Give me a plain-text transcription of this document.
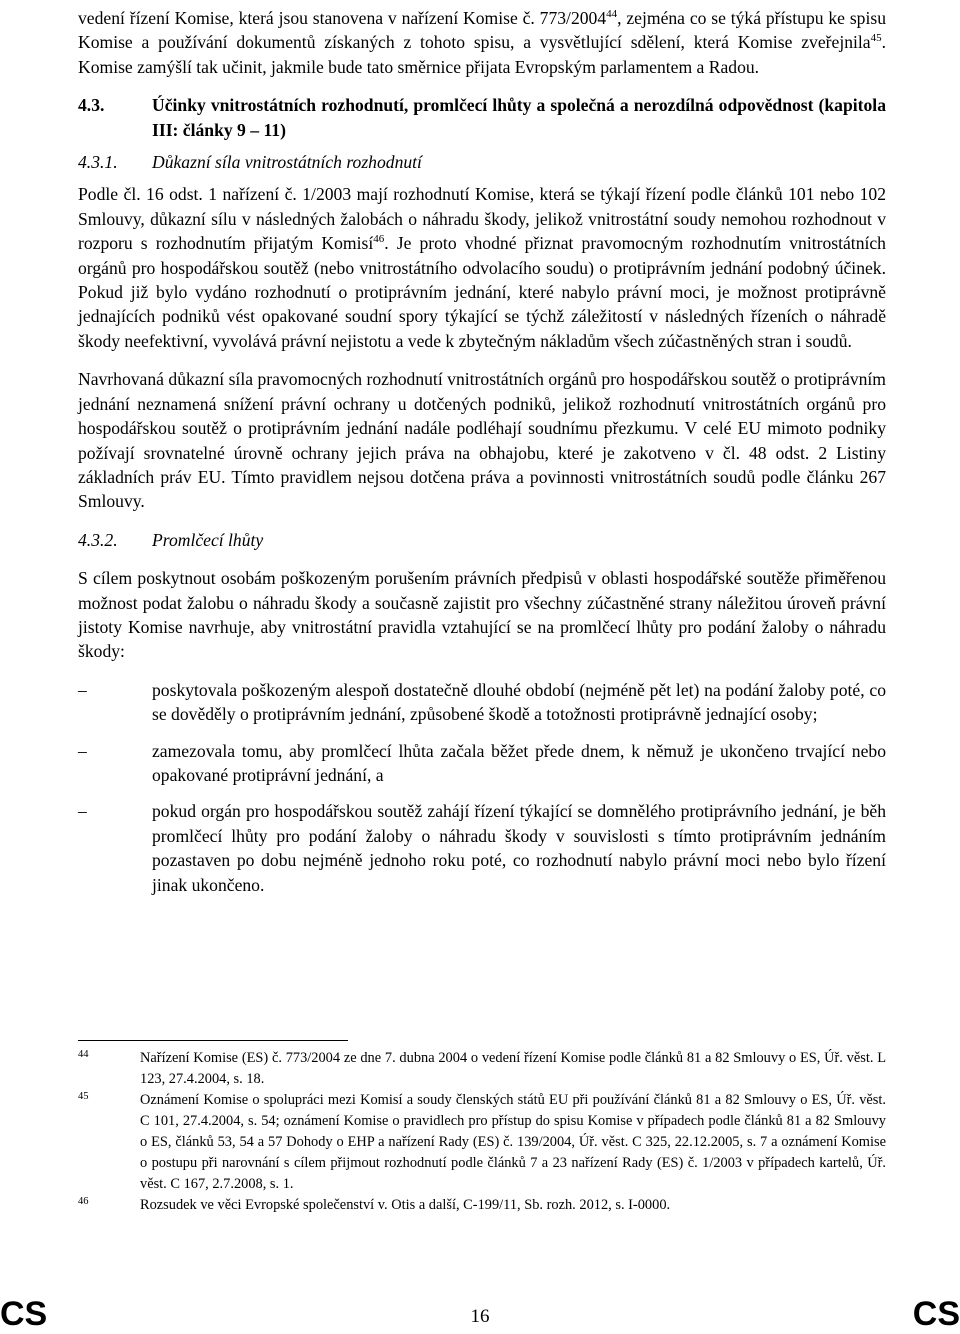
vedení řízení Komise, která jsou stanovena v nařízení Komise č. 773/2004$^{44}$, zejména co se týká přístupu ke spisu Komise a používání dokumentů získaných z tohoto spisu, a vysvětlující sdělení, která Komise zveřejnila$^{45}$. Komise zamýšlí tak učinit, jakmile bude tato směrnice přijata Evropským parlamentem a Radou.

4.3.	Účinky vnitrostátních rozhodnutí, promlčecí lhůty a společná a nerozdílná odpovědnost (kapitola III: články 9 – 11)
4.3.1.	Důkazní síla vnitrostátních rozhodnutí

Podle čl. 16 odst. 1 nařízení č. 1/2003 mají rozhodnutí Komise, která se týkají řízení podle článků 101 nebo 102 Smlouvy, důkazní sílu v následných žalobách o náhradu škody, jelikož vnitrostátní soudy nemohou rozhodnout v rozporu s rozhodnutím přijatým Komisí$^{46}$. Je proto vhodné přiznat pravomocným rozhodnutím vnitrostátních orgánů pro hospodářskou soutěž (nebo vnitrostátního odvolacího soudu) o protiprávním jednání podobný účinek. Pokud již bylo vydáno rozhodnutí o protiprávním jednání, které nabylo právní moci, je možnost protiprávně jednajících podniků vést opakované soudní spory týkající se týchž záležitostí v následných řízeních o náhradě škody neefektivní, vyvolává právní nejistotu a vede k zbytečným nákladům všech zúčastněných stran i soudů.

Navrhovaná důkazní síla pravomocných rozhodnutí vnitrostátních orgánů pro hospodářskou soutěž o protiprávním jednání neznamená snížení právní ochrany u dotčených podniků, jelikož rozhodnutí vnitrostátních orgánů pro hospodářskou soutěž o protiprávním jednání nadále podléhají soudnímu přezkumu. V celé EU mimoto podniky požívají srovnatelné úrovně ochrany jejich práva na obhajobu, které je zakotveno v čl. 48 odst. 2 Listiny základních práv EU. Tímto pravidlem nejsou dotčena práva a povinnosti vnitrostátních soudů podle článku 267 Smlouvy.

4.3.2.	Promlčecí lhůty

S cílem poskytnout osobám poškozeným porušením právních předpisů v oblasti hospodářské soutěže přiměřenou možnost podat žalobu o náhradu škody a současně zajistit pro všechny zúčastněné strany náležitou úroveň právní jistoty Komise navrhuje, aby vnitrostátní pravidla vztahující se na promlčecí lhůty pro podání žaloby o náhradu škody:

–	poskytovala poškozeným alespoň dostatečně dlouhé období (nejméně pět let) na podání žaloby poté, co se dověděly o protiprávním jednání, způsobené škodě a totožnosti protiprávně jednající osoby;
–	zamezovala tomu, aby promlčecí lhůta začala běžet přede dnem, k němuž je ukončeno trvající nebo opakované protiprávní jednání, a
–	pokud orgán pro hospodářskou soutěž zahájí řízení týkající se domnělého protiprávního jednání, je běh promlčecí lhůty pro podání žaloby o náhradu škody v souvislosti s tímto protiprávním jednáním pozastaven po dobu nejméně jednoho roku poté, co rozhodnutí nabylo právní moci nebo bylo řízení jinak ukončeno.
44	Nařízení Komise (ES) č. 773/2004 ze dne 7. dubna 2004 o vedení řízení Komise podle článků 81 a 82 Smlouvy o ES, Úř. věst. L 123, 27.4.2004, s. 18.
45	Oznámení Komise o spolupráci mezi Komisí a soudy členských států EU při používání článků 81 a 82 Smlouvy o ES, Úř. věst. C 101, 27.4.2004, s. 54; oznámení Komise o pravidlech pro přístup do spisu Komise v případech podle článků 81 a 82 Smlouvy o ES, článků 53, 54 a 57 Dohody o EHP a nařízení Rady (ES) č. 139/2004, Úř. věst. C 325, 22.12.2005, s. 7 a oznámení Komise o postupu při narovnání s cílem přijmout rozhodnutí podle článků 7 a 23 nařízení Rady (ES) č. 1/2003 v případech kartelů, Úř. věst. C 167, 2.7.2008, s. 1.
46	Rozsudek ve věci Evropské společenství v. Otis a další, C-199/11, Sb. rozh. 2012, s. I-0000.
CS	16	CS
